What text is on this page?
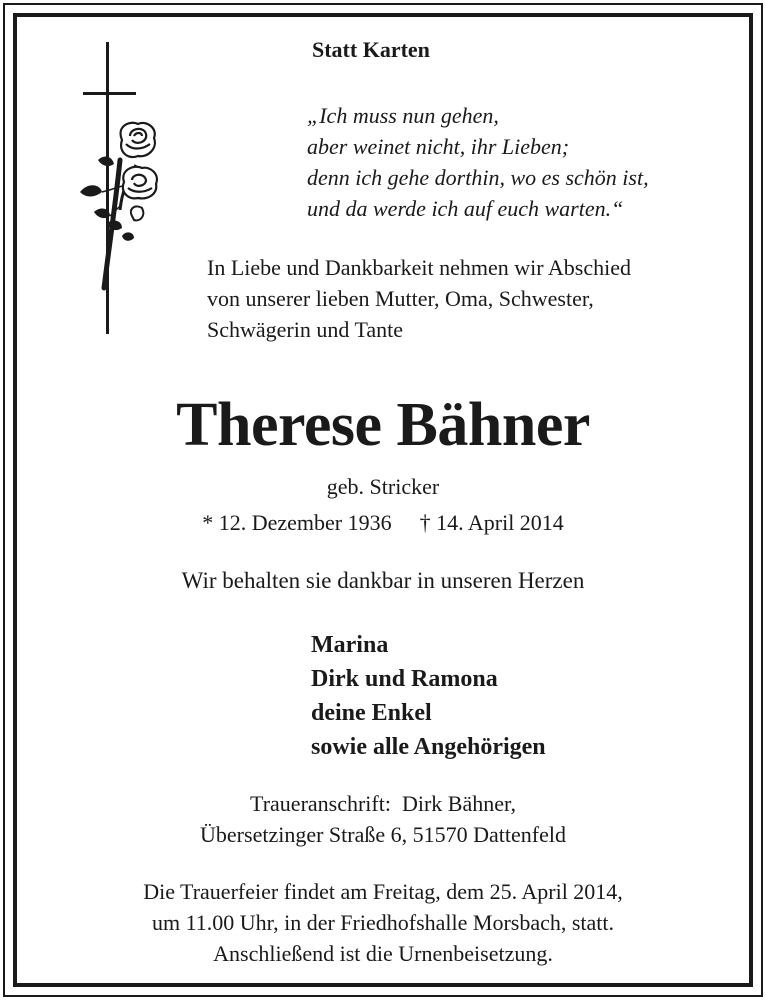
Statt Karten
„Ich muss nun gehen,
aber weinet nicht, ihr Lieben;
denn ich gehe dorthin, wo es schön ist,
und da werde ich auf euch warten.“
In Liebe und Dankbarkeit nehmen wir Abschied
von unserer lieben Mutter, Oma, Schwester,
Schwägerin und Tante
Therese Bähner
geb. Stricker
* 12. Dezember 1936 † 14. April 2014
Wir behalten sie dankbar in unseren Herzen
Marina
Dirk und Ramona
deine Enkel
sowie alle Angehörigen
Traueranschrift:  Dirk Bähner,
Übersetzinger Straße 6, 51570 Dattenfeld
Die Trauerfeier findet am Freitag, dem 25. April 2014,
um 11.00 Uhr, in der Friedhofshalle Morsbach, statt.
Anschließend ist die Urnenbeisetzung.
